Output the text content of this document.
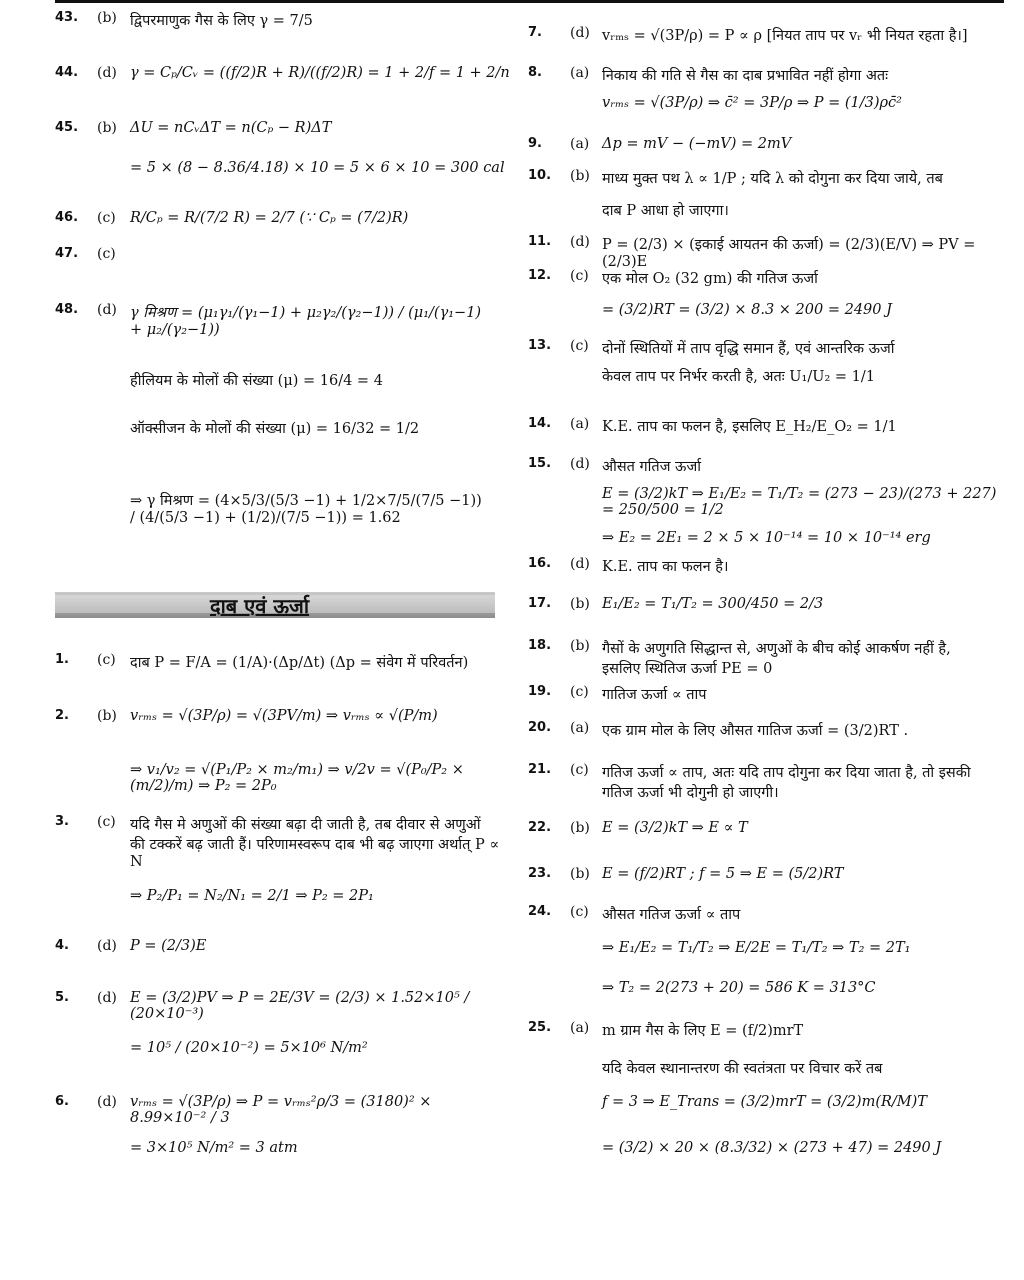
43. (b) द्विपरमाणुक गैस के लिए γ = 7/5
44. (d) γ = Cₚ/Cᵥ = ((f/2)R + R)/((f/2)R) = 1 + 2/f = 1 + 2/n
45. (b) ΔU = nCᵥΔT = n(Cₚ − R)ΔT
= 5 × (8 − 8.36/4.18) × 10 = 5 × 6 × 10 = 300 cal
46. (c) R/Cₚ = R/(7/2 R) = 2/7 (∵ Cₚ = (7/2)R)
47. (c)
48. (d) γ मिश्रण = (μ₁γ₁/(γ₁−1) + μ₂γ₂/(γ₂−1)) / (μ₁/(γ₁−1) + μ₂/(γ₂−1))
हीलियम के मोलों की संख्या (μ) = 16/4 = 4
ऑक्सीजन के मोलों की संख्या (μ) = 16/32 = 1/2
⇒ γ मिश्रण = (4×5/3/(5/3 −1) + 1/2×7/5/(7/5 −1)) / (4/(5/3 −1) + (1/2)/(7/5 −1)) = 1.62
दाब एवं ऊर्जा
1. (c) दाब P = F/A = (1/A)·(Δp/Δt) (Δp = संवेग में परिवर्तन)
2. (b) vᵣₘₛ = √(3P/ρ) = √(3PV/m) ⇒ vᵣₘₛ ∝ √(P/m)
⇒ v₁/v₂ = √(P₁/P₂ × m₂/m₁) ⇒ v/2v = √(P₀/P₂ × (m/2)/m) ⇒ P₂ = 2P₀
3. (c) यदि गैस मे अणुओं की संख्या बढ़ा दी जाती है, तब दीवार से अणुओं की टक्करें बढ़ जाती हैं। परिणामस्वरूप दाब भी बढ़ जाएगा अर्थात् P ∝ N
⇒ P₂/P₁ = N₂/N₁ = 2/1 ⇒ P₂ = 2P₁
4. (d) P = (2/3)E
5. (d) E = (3/2)PV ⇒ P = 2E/3V = (2/3) × 1.52×10⁵ / (20×10⁻³)
= 10⁵ / (20×10⁻²) = 5×10⁶ N/m²
6. (d) vᵣₘₛ = √(3P/ρ) ⇒ P = vᵣₘₛ²ρ/3 = (3180)² × 8.99×10⁻² / 3
= 3×10⁵ N/m² = 3 atm
7. (d) vᵣₘₛ = √(3P/ρ) = P ∝ ρ [नियत ताप पर vᵣ भी नियत रहता है।]
8. (a) निकाय की गति से गैस का दाब प्रभावित नहीं होगा अतः
vᵣₘₛ = √(3P/ρ) ⇒ c̄² = 3P/ρ ⇒ P = (1/3)ρc̄²
9. (a) Δp = mV − (−mV) = 2mV
10. (b) माध्य मुक्त पथ λ ∝ 1/P ; यदि λ को दोगुना कर दिया जाये, तब
दाब P आधा हो जाएगा।
11. (d) P = (2/3) × (इकाई आयतन की ऊर्जा) = (2/3)(E/V) ⇒ PV = (2/3)E
12. (c) एक मोल O₂ (32 gm) की गतिज ऊर्जा
= (3/2)RT = (3/2) × 8.3 × 200 = 2490 J
13. (c) दोनों स्थितियों में ताप वृद्धि समान हैं, एवं आन्तरिक ऊर्जा
केवल ताप पर निर्भर करती है, अतः U₁/U₂ = 1/1
14. (a) K.E. ताप का फलन है, इसलिए E_H₂/E_O₂ = 1/1
15. (d) औसत गतिज ऊर्जा
E = (3/2)kT ⇒ E₁/E₂ = T₁/T₂ = (273 − 23)/(273 + 227) = 250/500 = 1/2
⇒ E₂ = 2E₁ = 2 × 5 × 10⁻¹⁴ = 10 × 10⁻¹⁴ erg
16. (d) K.E. ताप का फलन है।
17. (b) E₁/E₂ = T₁/T₂ = 300/450 = 2/3
18. (b) गैसों के अणुगति सिद्धान्त से, अणुओं के बीच कोई आकर्षण नहीं है, इसलिए स्थितिज ऊर्जा PE = 0
19. (c) गातिज ऊर्जा ∝ ताप
20. (a) एक ग्राम मोल के लिए औसत गातिज ऊर्जा = (3/2)RT .
21. (c) गतिज ऊर्जा ∝ ताप, अतः यदि ताप दोगुना कर दिया जाता है, तो इसकी गतिज ऊर्जा भी दोगुनी हो जाएगी।
22. (b) E = (3/2)kT ⇒ E ∝ T
23. (b) E = (f/2)RT ; f = 5 ⇒ E = (5/2)RT
24. (c) औसत गतिज ऊर्जा ∝ ताप
⇒ E₁/E₂ = T₁/T₂ ⇒ E/2E = T₁/T₂ ⇒ T₂ = 2T₁
⇒ T₂ = 2(273 + 20) = 586 K = 313°C
25. (a) m ग्राम गैस के लिए E = (f/2)mrT
यदि केवल स्थानान्तरण की स्वतंत्रता पर विचार करें तब
f = 3 ⇒ E_Trans = (3/2)mrT = (3/2)m(R/M)T
= (3/2) × 20 × (8.3/32) × (273 + 47) = 2490 J
